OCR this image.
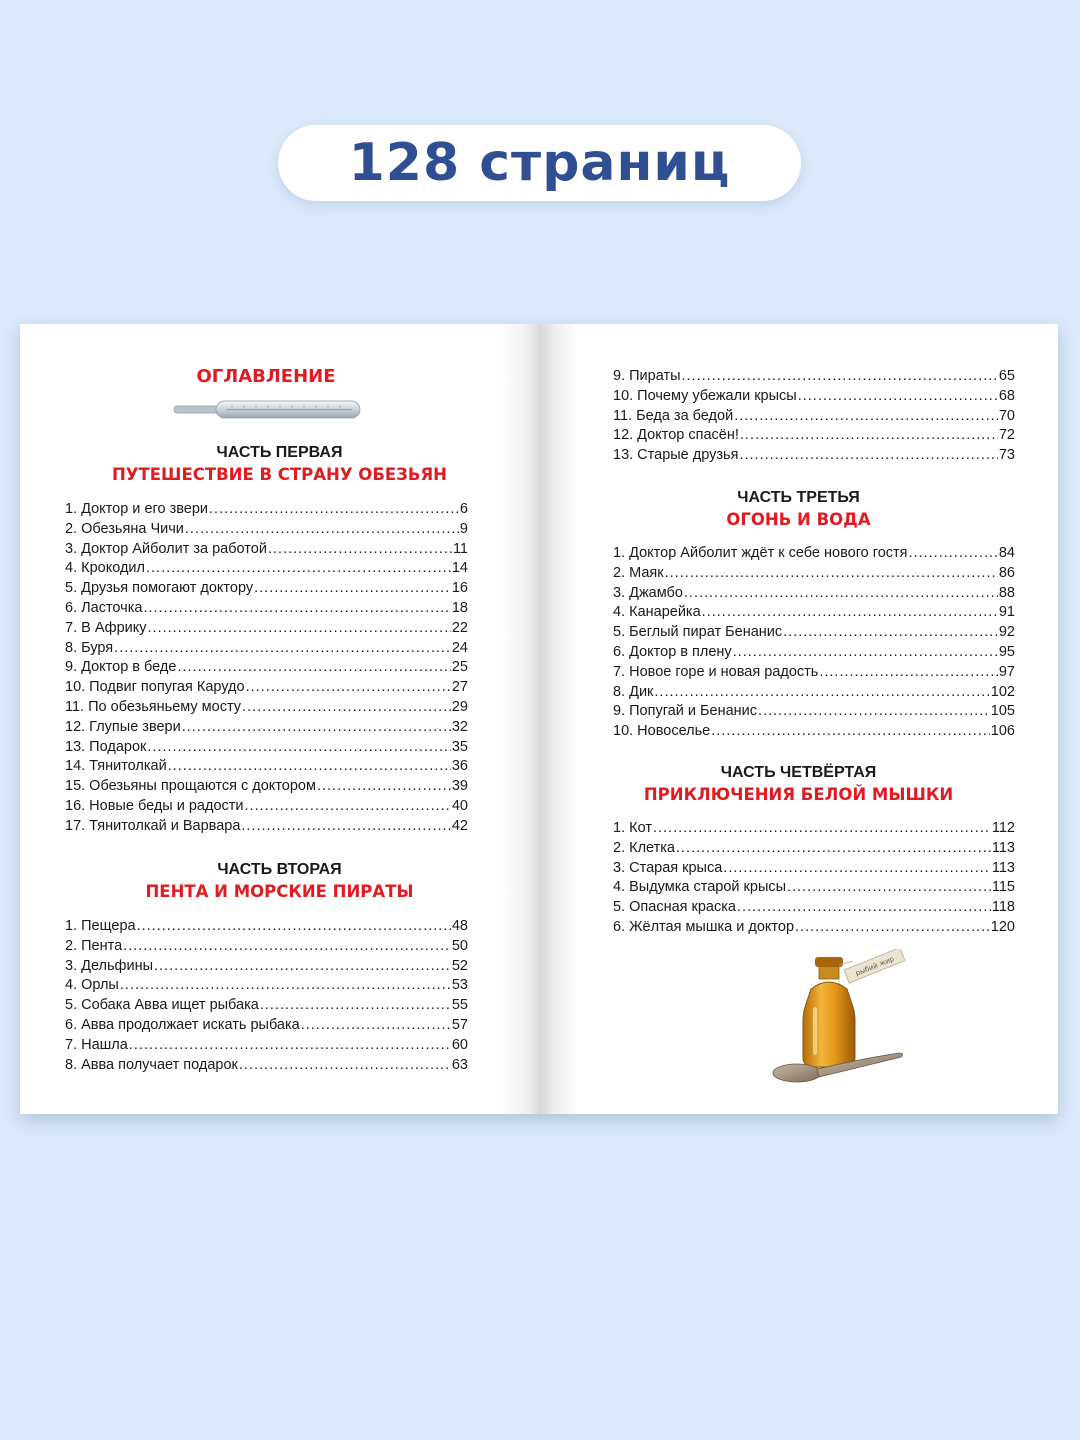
128 страниц
ОГЛАВЛЕНИЕ
ЧАСТЬ ПЕРВАЯ
ПУТЕШЕСТВИЕ В СТРАНУ ОБЕЗЬЯН
1. Доктор и его звери .....	6
2. Обезьяна Чичи .....	9
3. Доктор Айболит за работой .....	11
4. Крокодил .....	14
5. Друзья помогают доктору .....	16
6. Ласточка .....	18
7. В Африку .....	22
8. Буря .....	24
9. Доктор в беде .....	25
10. Подвиг попугая Карудо .....	27
11. По обезьяньему мосту .....	29
12. Глупые звери .....	32
13. Подарок .....	35
14. Тянитолкай .....	36
15. Обезьяны прощаются с доктором .....	39
16. Новые беды и радости .....	40
17. Тянитолкай и Варвара .....	42
ЧАСТЬ ВТОРАЯ
ПЕНТА И МОРСКИЕ ПИРАТЫ
1. Пещера .....	48
2. Пента .....	50
3. Дельфины .....	52
4. Орлы .....	53
5. Собака Авва ищет рыбака .....	55
6. Авва продолжает искать рыбака .....	57
7. Нашла .....	60
8. Авва получает подарок .....	63
9. Пираты .....	65
10. Почему убежали крысы .....	68
11. Беда за бедой .....	70
12. Доктор спасён! .....	72
13. Старые друзья .....	73
ЧАСТЬ ТРЕТЬЯ
ОГОНЬ И ВОДА
1. Доктор Айболит ждёт к себе нового гостя .....	84
2. Маяк .....	86
3. Джамбо .....	88
4. Канарейка .....	91
5. Беглый пират Бенанис .....	92
6. Доктор в плену .....	95
7. Новое горе и новая радость .....	97
8. Дик .....	102
9. Попугай и Бенанис .....	105
10. Новоселье .....	106
ЧАСТЬ ЧЕТВЁРТАЯ
ПРИКЛЮЧЕНИЯ БЕЛОЙ МЫШКИ
1. Кот .....	112
2. Клетка .....	113
3. Старая крыса .....	113
4. Выдумка старой крысы .....	115
5. Опасная краска .....	118
6. Жёлтая мышка и доктор .....	120
рыбий жир
